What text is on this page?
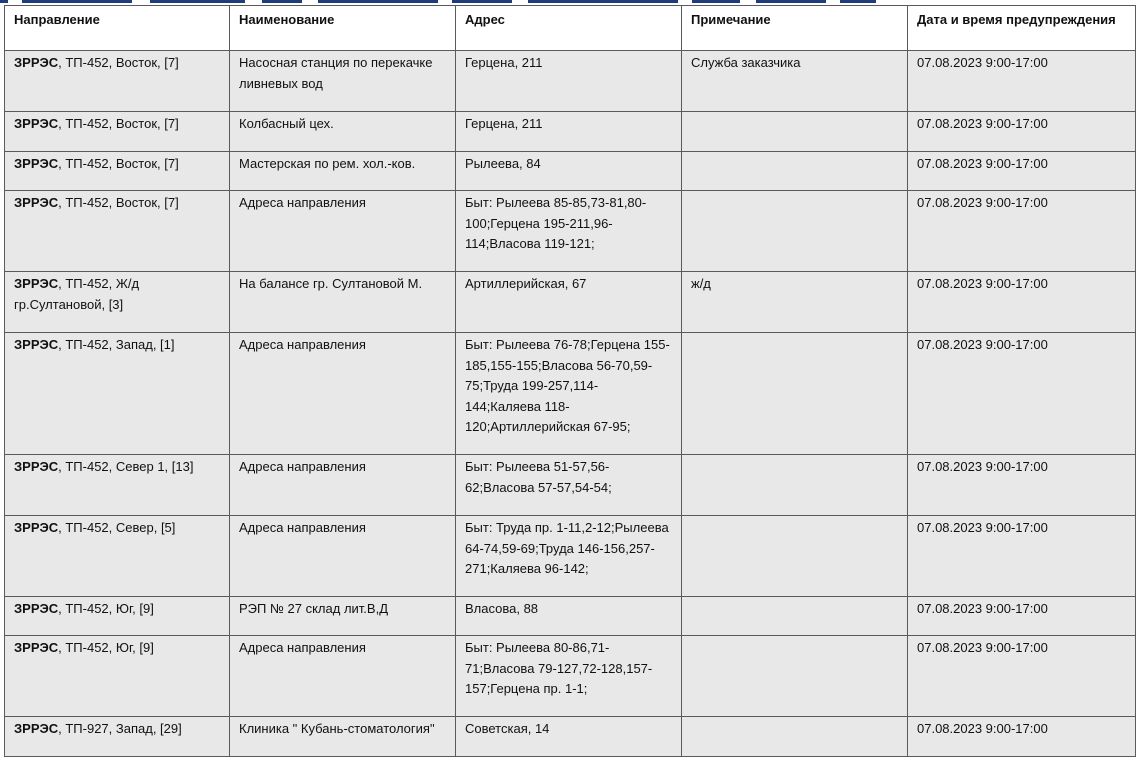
Направление	Наименование	Адрес	Примечание	Дата и время предупреждения
ЗРРЭС, ТП-452, Восток, [7]	Насосная станция по перекачке ливневых вод	Герцена, 211	Служба заказчика	07.08.2023 9:00-17:00
ЗРРЭС, ТП-452, Восток, [7]	Колбасный цех.	Герцена, 211		07.08.2023 9:00-17:00
ЗРРЭС, ТП-452, Восток, [7]	Мастерская по рем. хол.-ков.	Рылеева, 84		07.08.2023 9:00-17:00
ЗРРЭС, ТП-452, Восток, [7]	Адреса направления	Быт: Рылеева 85-85,73-81,80-100;Герцена 195-211,96-114;Власова 119-121;		07.08.2023 9:00-17:00
ЗРРЭС, ТП-452, Ж/д гр.Султановой, [3]	На балансе гр. Султановой М.	Артиллерийская, 67	ж/д	07.08.2023 9:00-17:00
ЗРРЭС, ТП-452, Запад, [1]	Адреса направления	Быт: Рылеева 76-78;Герцена 155-185,155-155;Власова 56-70,59-75;Труда 199-257,114-144;Каляева 118-120;Артиллерийская 67-95;		07.08.2023 9:00-17:00
ЗРРЭС, ТП-452, Север 1, [13]	Адреса направления	Быт: Рылеева 51-57,56-62;Власова 57-57,54-54;		07.08.2023 9:00-17:00
ЗРРЭС, ТП-452, Север, [5]	Адреса направления	Быт: Труда пр. 1-11,2-12;Рылеева 64-74,59-69;Труда 146-156,257-271;Каляева 96-142;		07.08.2023 9:00-17:00
ЗРРЭС, ТП-452, Юг, [9]	РЭП № 27 склад лит.В,Д	Власова, 88		07.08.2023 9:00-17:00
ЗРРЭС, ТП-452, Юг, [9]	Адреса направления	Быт: Рылеева 80-86,71-71;Власова 79-127,72-128,157-157;Герцена пр. 1-1;		07.08.2023 9:00-17:00
ЗРРЭС, ТП-927, Запад, [29]	Клиника " Кубань-стоматология"	Советская, 14		07.08.2023 9:00-17:00
